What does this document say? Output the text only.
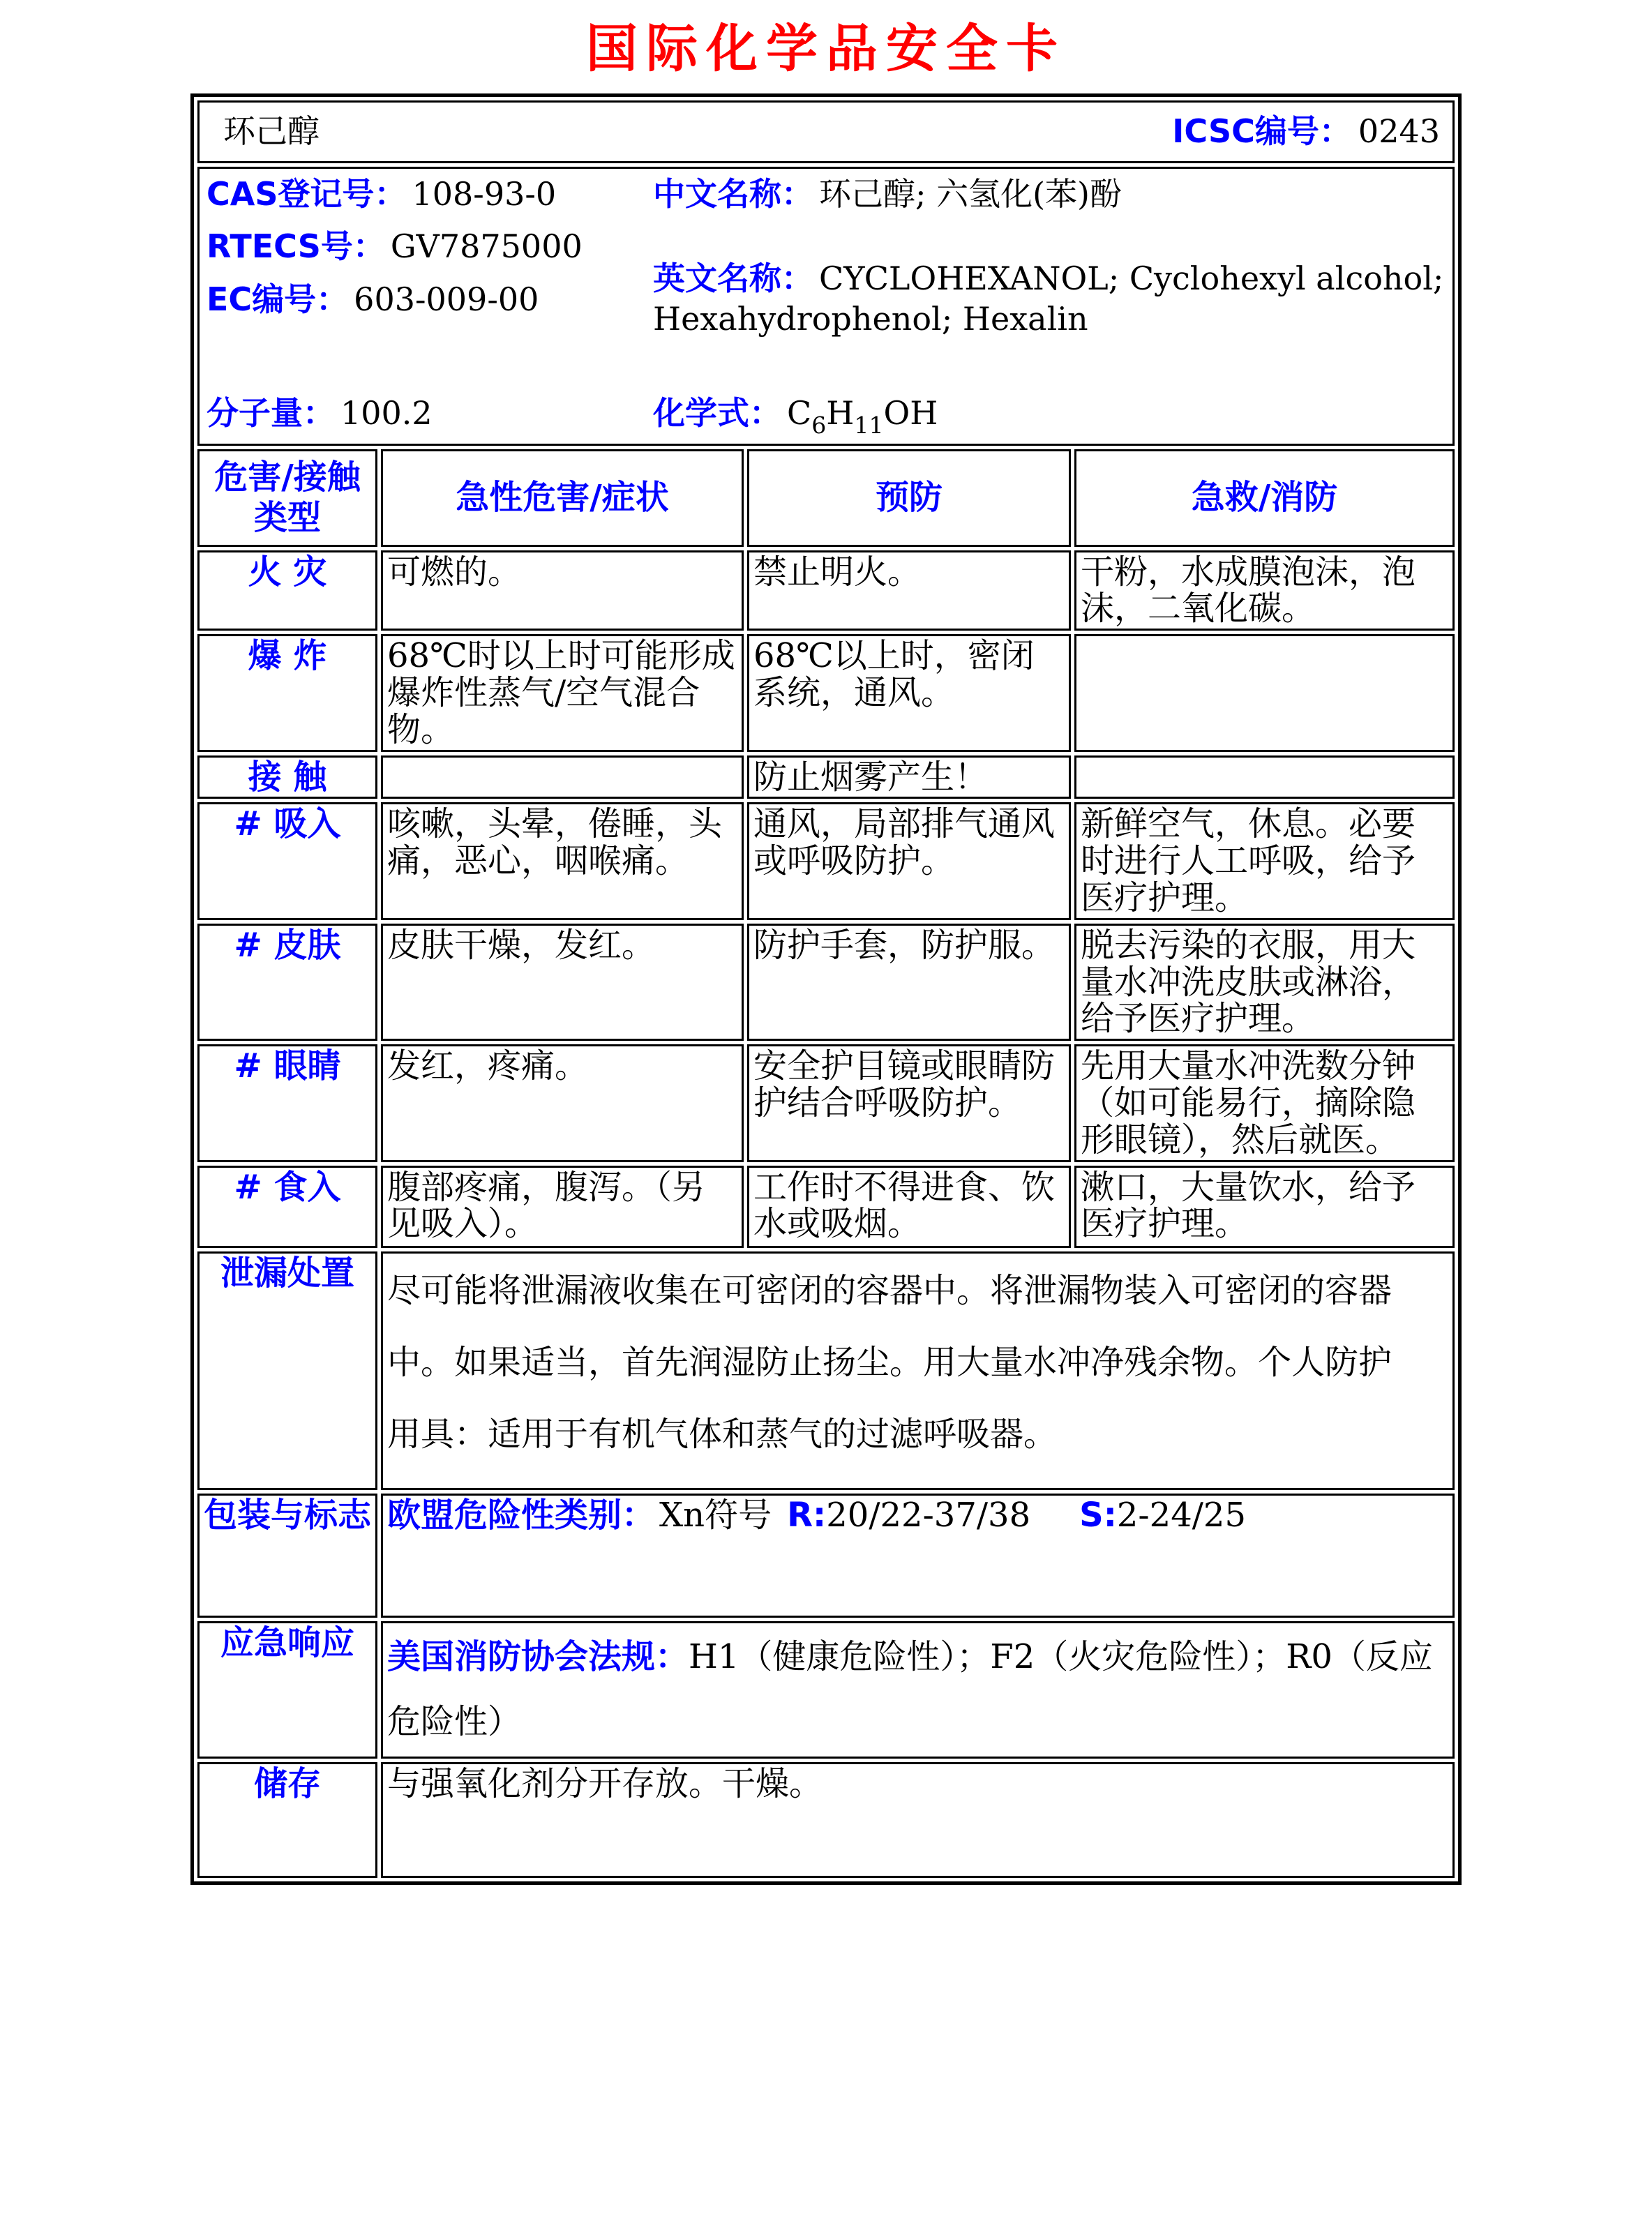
国际化学品安全卡
环己醇 ICSC编号： 0243			

CAS登记号： 108-93-0
RTECS号： GV7875000
EC编号： 603-009-00
分子量： 100.2
中文名称： 环己醇; 六氢化(苯)酚
英文名称： CYCLOHEXANOL; Cyclohexyl alcohol; Hexahydrophenol; Hexalin
化学式： $C_6H_{11}OH$

危害/接触
类型	急性危害/症状	预防	急救/消防
火 灾	可燃的。	禁止明火。	干粉，水成膜泡沫，泡沫，二氧化碳。
爆 炸	68℃时以上时可能形成爆炸性蒸气/空气混合物。	68℃以上时，密闭系统，通风。	
接 触		防止烟雾产生！	
# 吸入	咳嗽，头晕，倦睡，头痛，恶心，咽喉痛。	通风，局部排气通风或呼吸防护。	新鲜空气，休息。必要时进行人工呼吸，给予医疗护理。
# 皮肤	皮肤干燥，发红。	防护手套，防护服。	脱去污染的衣服，用大量水冲洗皮肤或淋浴，给予医疗护理。
# 眼睛	发红，疼痛。	安全护目镜或眼睛防护结合呼吸防护。	先用大量水冲洗数分钟（如可能易行，摘除隐形眼镜），然后就医。
# 食入	腹部疼痛，腹泻。（另见吸入）。	工作时不得进食、饮水或吸烟。	漱口，大量饮水，给予医疗护理。
泄漏处置	尽可能将泄漏液收集在可密闭的容器中。将泄漏物装入可密闭的容器中。如果适当，首先润湿防止扬尘。用大量水冲净残余物。个人防护用具：适用于有机气体和蒸气的过滤呼吸器。		

包装与标志	欧盟危险性类别： Xn符号 R:20/22-37/38 S:2-24/25		

应急响应	美国消防协会法规：H1（健康危险性）；F2（火灾危险性）；R0（反应危险性）		

储存	与强氧化剂分开存放。干燥。		
